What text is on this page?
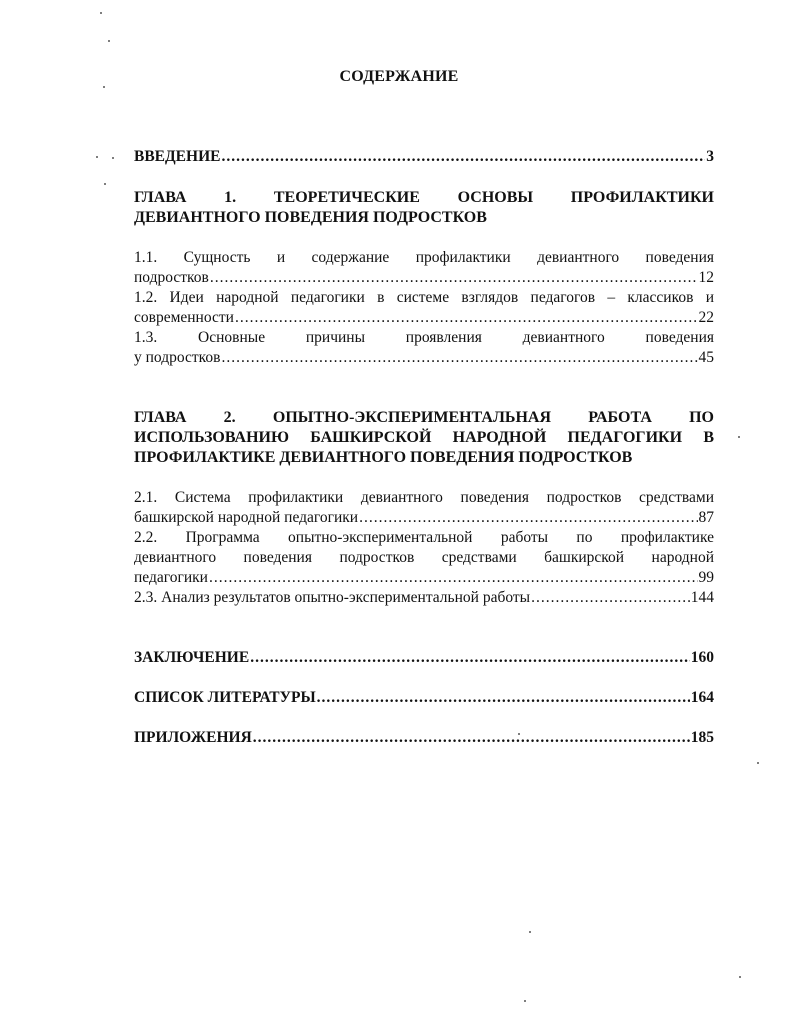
СОДЕРЖАНИЕ
ВВЕДЕНИЕ .....	3
ГЛАВА 1. ТЕОРЕТИЧЕСКИЕ ОСНОВЫ ПРОФИЛАКТИКИ
ДЕВИАНТНОГО ПОВЕДЕНИЯ ПОДРОСТКОВ
1.1. Сущность и содержание профилактики девиантного поведения
подростков .....	12
1.2. Идеи народной педагогики в системе взглядов педагогов – классиков и
современности .....	22
1.3. Основные причины проявления девиантного поведения
у подростков .....	45
ГЛАВА 2. ОПЫТНО-ЭКСПЕРИМЕНТАЛЬНАЯ РАБОТА ПО
ИСПОЛЬЗОВАНИЮ БАШКИРСКОЙ НАРОДНОЙ ПЕДАГОГИКИ В
ПРОФИЛАКТИКЕ ДЕВИАНТНОГО ПОВЕДЕНИЯ ПОДРОСТКОВ
2.1. Система профилактики девиантного поведения подростков средствами
башкирской народной педагогики .....	87
2.2. Программа опытно-экспериментальной работы по профилактике
девиантного поведения подростков средствами башкирской народной
педагогики .....	99
2.3. Анализ результатов опытно-экспериментальной работы .....	144
ЗАКЛЮЧЕНИЕ .....	160
СПИСОК ЛИТЕРАТУРЫ .....	164
ПРИЛОЖЕНИЯ .....	185
